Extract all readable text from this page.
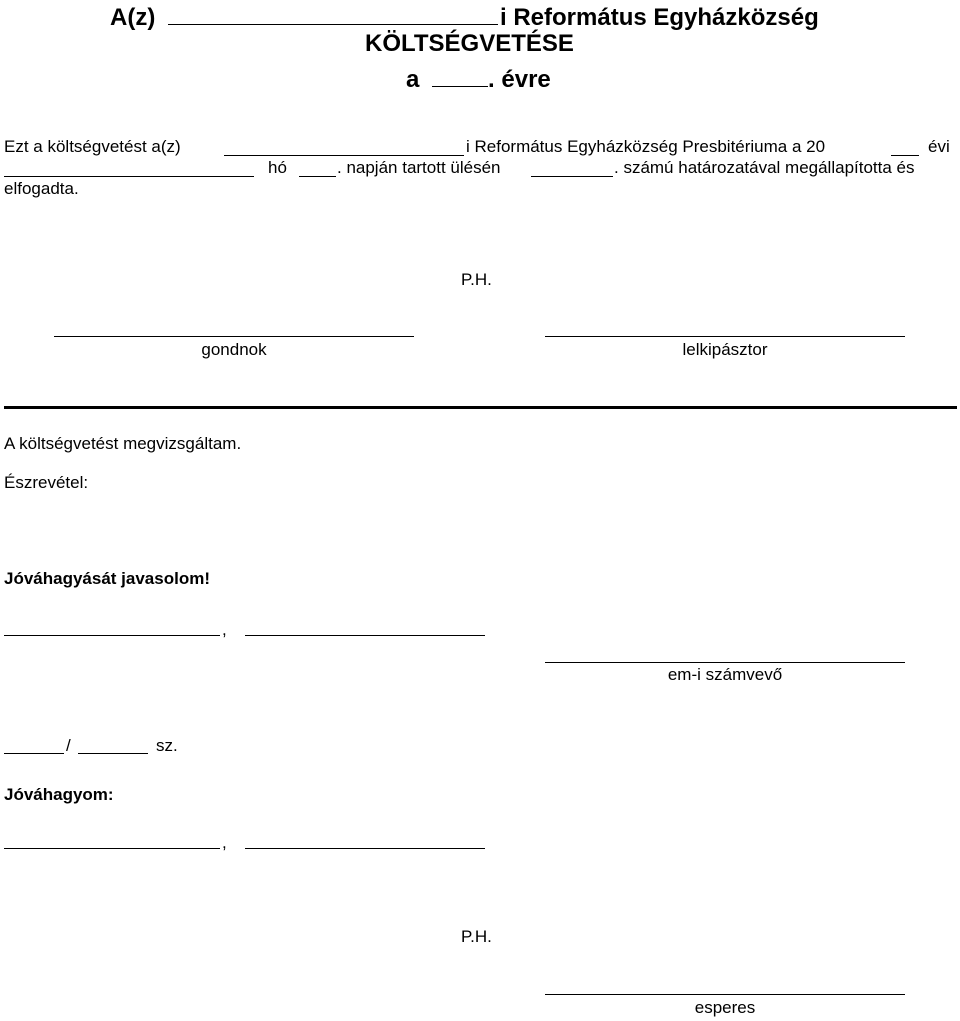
A(z)	i Református Egyházközség
KÖLTSÉGVETÉSE
a	. évre
Ezt a költségvetést a(z)	i Református Egyházközség Presbitériuma a 20	évi
hó	. napján tartott ülésén	. számú határozatával megállapította és
elfogadta.
P.H.
gondnok	lelkipásztor
A költségvetést megvizsgáltam.
Észrevétel:
Jóváhagyását javasolom!
,
em-i számvevő
/	sz.
Jóváhagyom:
,
P.H.
esperes
